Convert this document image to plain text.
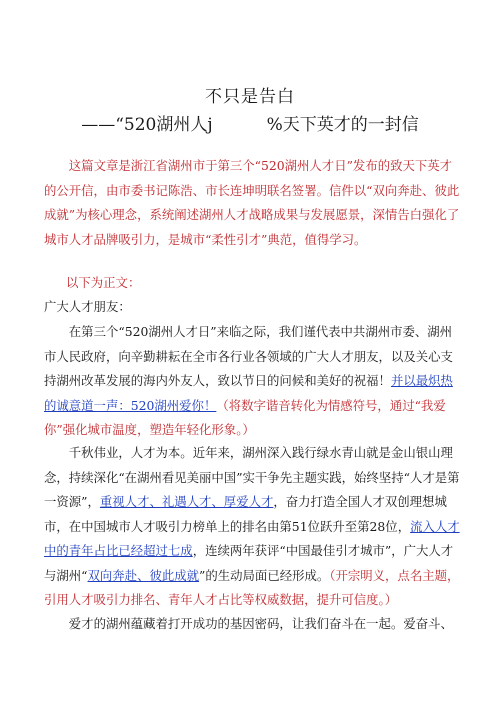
不只是告白
——“520湖州人j          %天下英才的一封信
这篇文章是浙江省湖州市于第三个“520湖州人才日”发布的致天下英才的公开信，由市委书记陈浩、市长连坤明联名签署。信件以“双向奔赴、彼此成就”为核心理念，系统阐述湖州人才战略成果与发展愿景，深情告白强化了城市人才品牌吸引力，是城市“柔性引才”典范，值得学习。
以下为正文：
广大人才朋友：
在第三个“520湖州人才日”来临之际，我们谨代表中共湖州市委、湖州市人民政府，向辛勤耕耘在全市各行业各领域的广大人才朋友，以及关心支持湖州改革发展的海内外友人，致以节日的问候和美好的祝福！并以最炽热的诚意道一声：520湖州爱你！（将数字谐音转化为情感符号，通过“我爱你”强化城市温度，塑造年轻化形象。）
千秋伟业，人才为本。近年来，湖州深入践行绿水青山就是金山银山理念，持续深化“在湖州看见美丽中国”实干争先主题实践，始终坚持“人才是第一资源”，重视人才、礼遇人才、厚爱人才，奋力打造全国人才双创理想城市，在中国城市人才吸引力榜单上的排名由第51位跃升至第28位，流入人才中的青年占比已经超过七成，连续两年获评“中国最佳引才城市”，广大人才与湖州“双向奔赴、彼此成就”的生动局面已经形成。（开宗明义，点名主题，引用人才吸引力排名、青年人才占比等权威数据，提升可信度。）
爱才的湖州蕴藏着打开成功的基因密码，让我们奋斗在一起。爱奋斗、
